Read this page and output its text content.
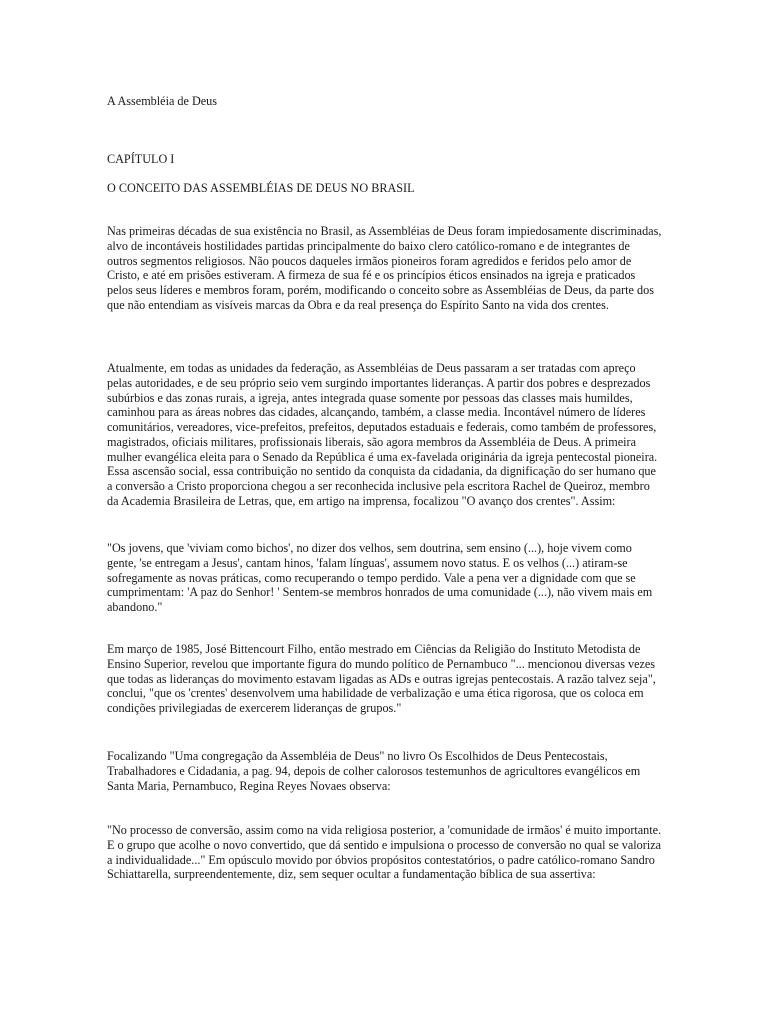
A Assembléia de Deus

CAPÍTULO I

O CONCEITO DAS ASSEMBLÉIAS DE DEUS NO BRASIL

Nas primeiras décadas de sua existência no Brasil, as Assembléias de Deus foram impiedosamente discriminadas, alvo de incontáveis hostilidades partidas principalmente do baixo clero católico-romano e de integrantes de outros segmentos religiosos. Não poucos daqueles irmãos pioneiros foram agredidos e feridos pelo amor de Cristo, e até em prisões estiveram. A firmeza de sua fé e os princípios éticos ensinados na igreja e praticados pelos seus líderes e membros foram, porém, modificando o conceito sobre as Assembléias de Deus, da parte dos que não entendiam as visíveis marcas da Obra e da real presença do Espírito Santo na vida dos crentes.

Atualmente, em todas as unidades da federação, as Assembléias de Deus passaram a ser tratadas com apreço pelas autoridades, e de seu próprio seio vem surgindo importantes lideranças. A partir dos pobres e desprezados subúrbios e das zonas rurais, a igreja, antes integrada quase somente por pessoas das classes mais humildes, caminhou para as áreas nobres das cidades, alcançando, também, a classe media. Incontável número de líderes comunitários, vereadores, vice-prefeitos, prefeitos, deputados estaduais e federais, como também de professores, magistrados, oficiais militares, profissionais liberais, são agora membros da Assembléia de Deus. A primeira mulher evangélica eleita para o Senado da República é uma ex-favelada originária da igreja pentecostal pioneira. Essa ascensão social, essa contribuição no sentido da conquista da cidadania, da dignificação do ser humano que a conversão a Cristo proporciona chegou a ser reconhecida inclusive pela escritora Rachel de Queiroz, membro da Academia Brasileira de Letras, que, em artigo na imprensa, focalizou "O avanço dos crentes". Assim:

"Os jovens, que 'viviam como bichos', no dizer dos velhos, sem doutrina, sem ensino (...), hoje vivem como gente, 'se entregam a Jesus', cantam hinos, 'falam línguas', assumem novo status. E os velhos (...) atiram-se sofregamente as novas práticas, como recuperando o tempo perdido. Vale a pena ver a dignidade com que se cumprimentam: 'A paz do Senhor! ' Sentem-se membros honrados de uma comunidade (...), não vivem mais em abandono."

Em março de 1985, José Bittencourt Filho, então mestrado em Ciências da Religião do Instituto Metodista de Ensino Superior, revelou que importante figura do mundo político de Pernambuco "... mencionou diversas vezes que todas as lideranças do movimento estavam ligadas as ADs e outras igrejas pentecostais. A razão talvez seja", conclui, "que os 'crentes' desenvolvem uma habilidade de verbalização e uma ética rigorosa, que os coloca em condições privilegiadas de exercerem lideranças de grupos."

Focalizando "Uma congregação da Assembléia de Deus" no livro Os Escolhidos de Deus Pentecostais, Trabalhadores e Cidadania, a pag. 94, depois de colher calorosos testemunhos de agricultores evangélicos em Santa Maria, Pernambuco, Regina Reyes Novaes observa:

"No processo de conversão, assim como na vida religiosa posterior, a 'comunidade de irmãos' é muito importante. E o grupo que acolhe o novo convertido, que dá sentido e impulsiona o processo de conversão no qual se valoriza a individualidade..." Em opúsculo movido por óbvios propósitos contestatórios, o padre católico-romano Sandro Schiattarella, surpreendentemente, diz, sem sequer ocultar a fundamentação bíblica de sua assertiva:
